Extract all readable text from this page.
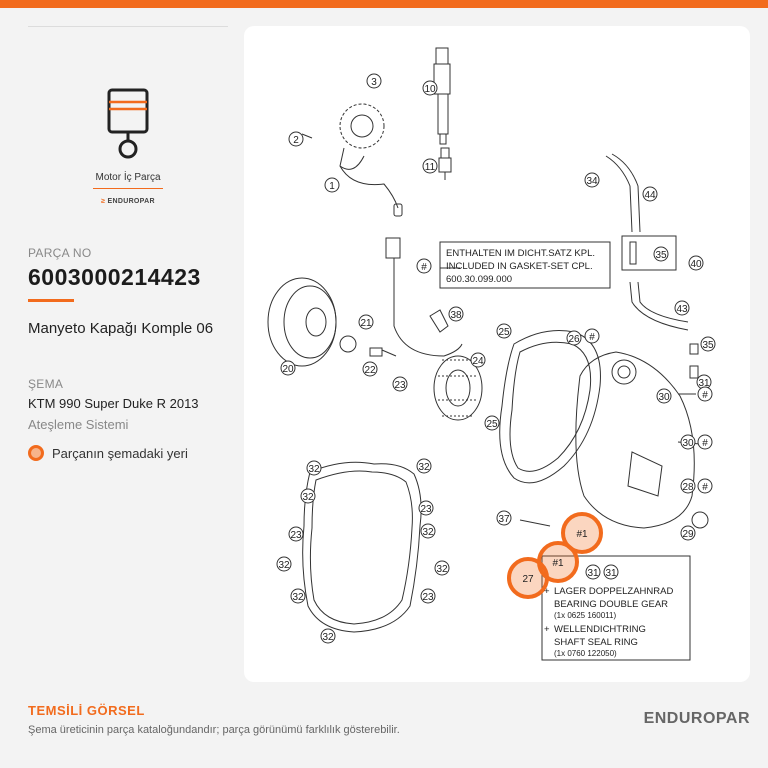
Motor İç Parça
≥ ENDUROPAR
PARÇA NO
6003000214423
Manyeto Kapağı Komple 06
ŞEMA
KTM 990 Super Duke R 2013
Ateşleme Sistemi
Parçanın şemadaki yeri
3
2
1
10
11
34
44
35
40
43
35
31
30
30
28
29
27
#1
#1
21
22
23
24
25
25
26
37
38
20
32	32
32
23
23	32
32	32
32	23
32
31 31
#
#
#
#
#
ENTHALTEN IM DICHT.SATZ KPL.
INCLUDED IN GASKET-SET CPL.
600.30.099.000
+ LAGER DOPPELZAHNRAD
BEARING DOUBLE GEAR
(1x 0625 160011)
+ WELLENDICHTRING
SHAFT SEAL RING
(1x 0760 122050)
TEMSİLİ GÖRSEL
Şema üreticinin parça kataloğundandır; parça görünümü farklılık gösterebilir.
ENDUROPAR
